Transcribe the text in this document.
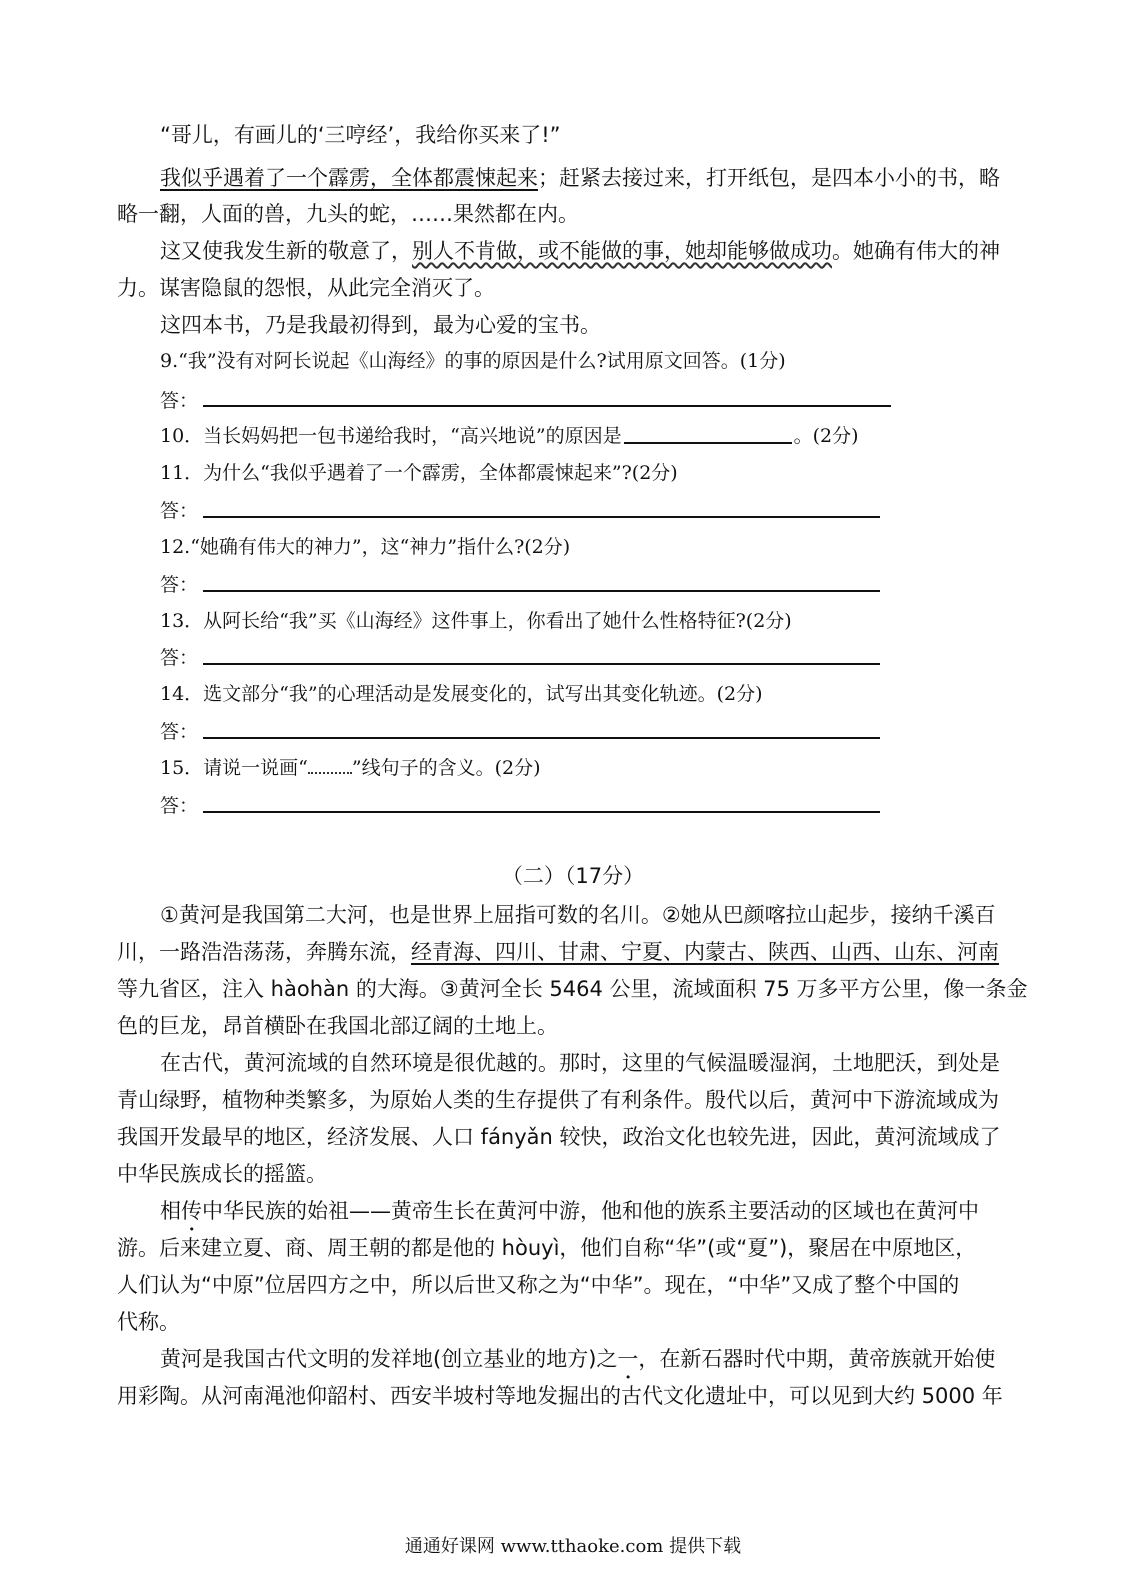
“哥儿，有画儿的‘三哼经’，我给你买来了!”
我似乎遇着了一个霹雳，全体都震悚起来；赶紧去接过来，打开纸包，是四本小小的书，略
略一翻，人面的兽，九头的蛇，……果然都在内。
这又使我发生新的敬意了，别人不肯做，或不能做的事，她却能够做成功。她确有伟大的神
力。谋害隐鼠的怨恨，从此完全消灭了。
这四本书，乃是我最初得到，最为心爱的宝书。
9.“我”没有对阿长说起《山海经》的事的原因是什么?试用原文回答。(1分)
答：
10．当长妈妈把一包书递给我时，“高兴地说”的原因是	。(2分)
11．为什么“我似乎遇着了一个霹雳，全体都震悚起来”?(2分)
答：
12.“她确有伟大的神力”，这“神力”指什么?(2分)
答：
13．从阿长给“我”买《山海经》这件事上，你看出了她什么性格特征?(2分)
答：
14．选文部分“我”的心理活动是发展变化的，试写出其变化轨迹。(2分)
答：
15．请说一说画“ ”线句子的含义。(2分)
答：
（二）（17分）
①黄河是我国第二大河，也是世界上屈指可数的名川。②她从巴颜喀拉山起步，接纳千溪百
川，一路浩浩荡荡，奔腾东流，经青海、四川、甘肃、宁夏、内蒙古、陕西、山西、山东、河南
等九省区，注入 hàohàn 的大海。③黄河全长 5464 公里，流域面积 75 万多平方公里，像一条金
色的巨龙，昂首横卧在我国北部辽阔的土地上。
在古代，黄河流域的自然环境是很优越的。那时，这里的气候温暖湿润，土地肥沃，到处是
青山绿野，植物种类繁多，为原始人类的生存提供了有利条件。殷代以后，黄河中下游流域成为
我国开发最早的地区，经济发展、人口 fányǎn 较快，政治文化也较先进，因此，黄河流域成了
中华民族成长的摇篮。
相传中华民族的始祖——黄帝生长在黄河中游，他和他的族系主要活动的区域也在黄河中
游。后来建立夏、商、周王朝的都是他的 hòuyì，他们自称“华”(或“夏”)，聚居在中原地区，
人们认为“中原”位居四方之中，所以后世又称之为“中华”。现在，“中华”又成了整个中国的
代称。
黄河是我国古代文明的发祥地(创立基业的地方)之一，在新石器时代中期，黄帝族就开始使
用彩陶。从河南渑池仰韶村、西安半坡村等地发掘出的古代文化遗址中，可以见到大约 5000 年
通通好课网 www.tthaoke.com 提供下载
